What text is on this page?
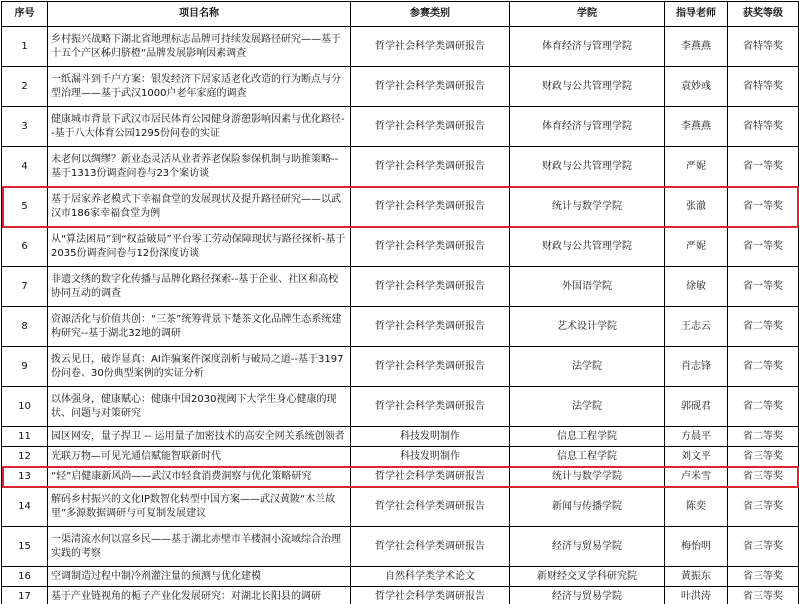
序号	项目名称	参赛类别	学院	指导老师	获奖等级
1	乡村振兴战略下湖北省地理标志品牌可持续发展路径研究——基于十五个产区秭归脐橙“品牌发展影响因素调查	哲学社会科学类调研报告	体育经济与管理学院	李燕燕	省特等奖
2	一纸漏斗到千户方案：银发经济下居家适老化改造的行为断点与分型治理——基于武汉1000户老年家庭的调查	哲学社会科学类调研报告	财政与公共管理学院	袁妙彧	省特等奖
3	健康城市背景下武汉市居民体育公园健身游憩影响因素与优化路径--基于八大体育公园1295份问卷的实证	哲学社会科学类调研报告	体育经济与管理学院	李燕燕	省特等奖
4	未老何以绸缪？新业态灵活从业者养老保险参保机制与助推策略--基于1313份调查问卷与23个案访谈	哲学社会科学类调研报告	财政与公共管理学院	严妮	省一等奖
5	基于居家养老模式下幸福食堂的发展现状及提升路径研究——以武汉市186家幸福食堂为例	哲学社会科学类调研报告	统计与数学学院	张澈	省一等奖
6	从“算法困局”到“权益破局”平台零工劳动保障现状与路径探析-基于2035份调查问卷与12份深度访谈	哲学社会科学类调研报告	财政与公共管理学院	严妮	省一等奖
7	非遗文绣的数字化传播与品牌化路径探索--基于企业、社区和高校协同互动的调查	哲学社会科学类调研报告	外国语学院	徐敏	省一等奖
8	资源活化与价值共创：“三茶”统筹背景下楚茶文化品牌生态系统建构研究--基于湖北32地的调研	哲学社会科学类调研报告	艺术设计学院	王志云	省二等奖
9	拨云见日，破诈显真：AI诈骗案件深度剖析与破局之道--基于3197份问卷、30份典型案例的实证分析	哲学社会科学类调研报告	法学院	肖志锋	省二等奖
10	以体强身，健康赋心：健康中国2030视阈下大学生身心健康的现状、问题与对策研究	哲学社会科学类调研报告	法学院	郭砚君	省二等奖
11	园区网安，量子捍卫 -- 运用量子加密技术的高安全网关系统创领者	科技发明制作	信息工程学院	方晨平	省二等奖
12	光联万物—可见光通信赋能智联新时代	科技发明制作	信息工程学院	刘文平	省三等奖
13	“轻”启健康新风尚——武汉市轻食消费洞察与优化策略研究	哲学社会科学类调研报告	统计与数学学院	卢米雪	省三等奖
14	解码乡村振兴的文化IP数智化转型中国方案——武汉黄陂“木兰故里”多源数据调研与可复制发展建议	哲学社会科学类调研报告	新闻与传播学院	陈奕	省三等奖
15	一渠清流水何以富乡民——基于湖北赤壁市羊楼洞小流域综合治理实践的考察	哲学社会科学类调研报告	经济与贸易学院	梅怡明	省三等奖
16	空调制造过程中制冷剂灌注量的预测与优化建模	自然科学类学术论文	新财经交叉学科研究院	黄振东	省三等奖
17	基于产业链视角的栀子产业化发展研究：对湖北长阳县的调研	哲学社会科学类调研报告	经济与贸易学院	叶洪涛	省三等奖
